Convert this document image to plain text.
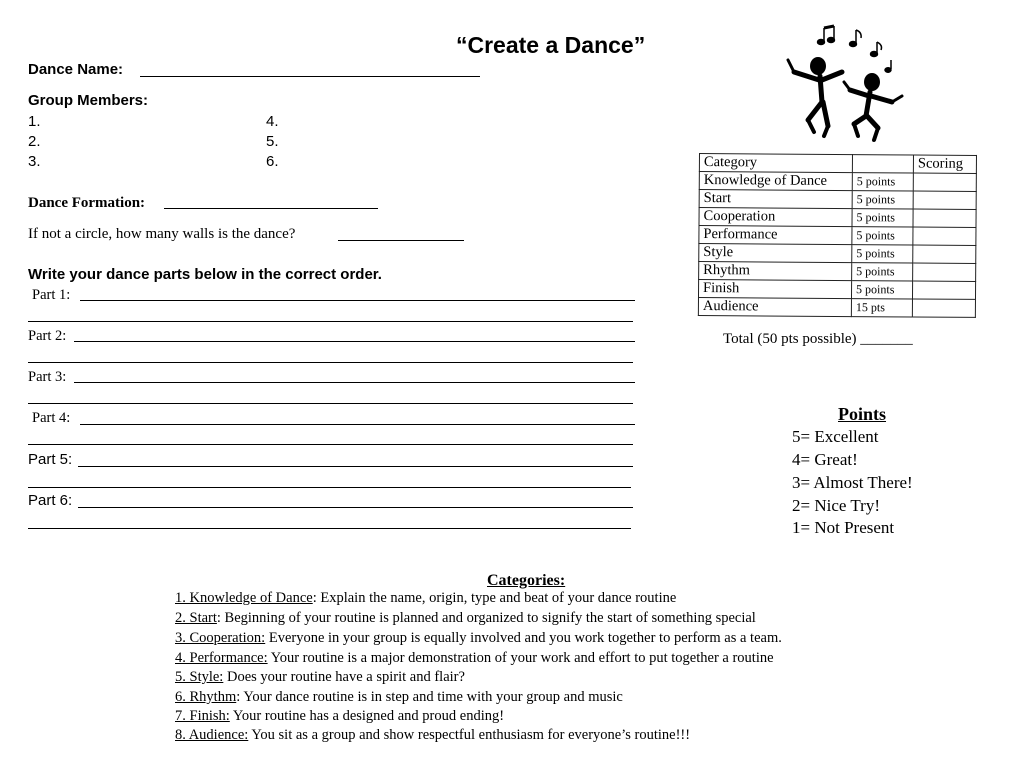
“Create a Dance”
Dance Name:
Group Members:
1.
2.
3.
4.
5.
6.
Dance Formation:
If not a circle, how many walls is the dance?
Write your dance parts below in the correct order.
Part 1:
Part 2:
Part 3:
Part 4:
Part 5:
Part 6:
Category		Scoring
Knowledge of Dance	5 points	
Start	5 points	
Cooperation	5 points	
Performance	5 points	
Style	5 points	
Rhythm	5 points	
Finish	5 points	
Audience	15 pts	
Total (50 pts possible) _______
Points
5= Excellent
4= Great!
3= Almost There!
2= Nice Try!
1= Not Present
Categories:
1. Knowledge of Dance: Explain the name, origin, type and beat of your dance routine
2. Start: Beginning of your routine is planned and organized to signify the start of something special
3. Cooperation: Everyone in your group is equally involved and you work together to perform as a team.
4. Performance: Your routine is a major demonstration of your work and effort to put together a routine
5. Style: Does your routine have a spirit and flair?
6. Rhythm: Your dance routine is in step and time with your group and music
7. Finish: Your routine has a designed and proud ending!
8. Audience: You sit as a group and show respectful enthusiasm for everyone’s routine!!!
